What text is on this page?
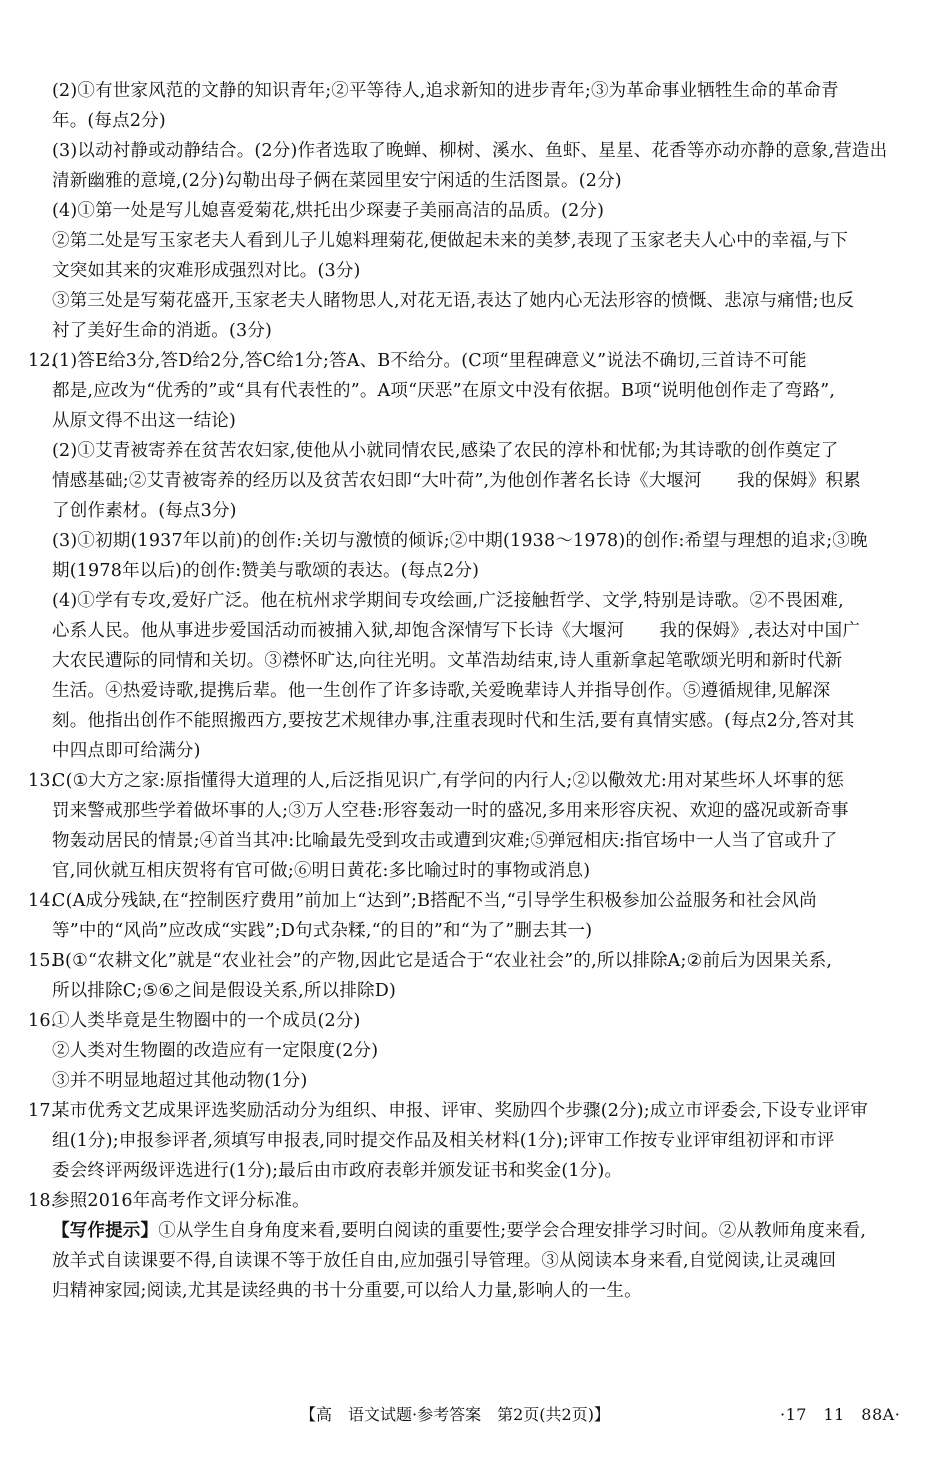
(2)①有世家风范的文静的知识青年;②平等待人,追求新知的进步青年;③为革命事业牺牲生命的革命青
年。(每点2分)
(3)以动衬静或动静结合。(2分)作者选取了晚蝉、柳树、溪水、鱼虾、星星、花香等亦动亦静的意象,营造出
清新幽雅的意境,(2分)勾勒出母子俩在菜园里安宁闲适的生活图景。(2分)
(4)①第一处是写儿媳喜爱菊花,烘托出少琛妻子美丽高洁的品质。(2分)
②第二处是写玉家老夫人看到儿子儿媳料理菊花,便做起未来的美梦,表现了玉家老夫人心中的幸福,与下
文突如其来的灾难形成强烈对比。(3分)
③第三处是写菊花盛开,玉家老夫人睹物思人,对花无语,表达了她内心无法形容的愤慨、悲凉与痛惜;也反
衬了美好生命的消逝。(3分)
12.
(1)答E给3分,答D给2分,答C给1分;答A、B不给分。(C项“里程碑意义”说法不确切,三首诗不可能
都是,应改为“优秀的”或“具有代表性的”。A项“厌恶”在原文中没有依据。B项“说明他创作走了弯路”,
从原文得不出这一结论)
(2)①艾青被寄养在贫苦农妇家,使他从小就同情农民,感染了农民的淳朴和忧郁;为其诗歌的创作奠定了
情感基础;②艾青被寄养的经历以及贫苦农妇即“大叶荷”,为他创作著名长诗《大堰河　　我的保姆》积累
了创作素材。(每点3分)
(3)①初期(1937年以前)的创作:关切与激愤的倾诉;②中期(1938～1978)的创作:希望与理想的追求;③晚
期(1978年以后)的创作:赞美与歌颂的表达。(每点2分)
(4)①学有专攻,爱好广泛。他在杭州求学期间专攻绘画,广泛接触哲学、文学,特别是诗歌。②不畏困难,
心系人民。他从事进步爱国活动而被捕入狱,却饱含深情写下长诗《大堰河　　我的保姆》,表达对中国广
大农民遭际的同情和关切。③襟怀旷达,向往光明。文革浩劫结束,诗人重新拿起笔歌颂光明和新时代新
生活。④热爱诗歌,提携后辈。他一生创作了许多诗歌,关爱晚辈诗人并指导创作。⑤遵循规律,见解深
刻。他指出创作不能照搬西方,要按艺术规律办事,注重表现时代和生活,要有真情实感。(每点2分,答对其
中四点即可给满分)
13.
C(①大方之家:原指懂得大道理的人,后泛指见识广,有学问的内行人;②以儆效尤:用对某些坏人坏事的惩
罚来警戒那些学着做坏事的人;③万人空巷:形容轰动一时的盛况,多用来形容庆祝、欢迎的盛况或新奇事
物轰动居民的情景;④首当其冲:比喻最先受到攻击或遭到灾难;⑤弹冠相庆:指官场中一人当了官或升了
官,同伙就互相庆贺将有官可做;⑥明日黄花:多比喻过时的事物或消息)
14.
C(A成分残缺,在“控制医疗费用”前加上“达到”;B搭配不当,“引导学生积极参加公益服务和社会风尚
等”中的“风尚”应改成“实践”;D句式杂糅,“的目的”和“为了”删去其一)
15.
B(①“农耕文化”就是“农业社会”的产物,因此它是适合于“农业社会”的,所以排除A;②前后为因果关系,
所以排除C;⑤⑥之间是假设关系,所以排除D)
16.
①人类毕竟是生物圈中的一个成员(2分)
②人类对生物圈的改造应有一定限度(2分)
③并不明显地超过其他动物(1分)
17.
某市优秀文艺成果评选奖励活动分为组织、申报、评审、奖励四个步骤(2分);成立市评委会,下设专业评审
组(1分);申报参评者,须填写申报表,同时提交作品及相关材料(1分);评审工作按专业评审组初评和市评
委会终评两级评选进行(1分);最后由市政府表彰并颁发证书和奖金(1分)。
18.
参照2016年高考作文评分标准。
【写作提示】①从学生自身角度来看,要明白阅读的重要性;要学会合理安排学习时间。②从教师角度来看,
放羊式自读课要不得,自读课不等于放任自由,应加强引导管理。③从阅读本身来看,自觉阅读,让灵魂回
归精神家园;阅读,尤其是读经典的书十分重要,可以给人力量,影响人的一生。
【高　语文试题·参考答案　第2页(共2页)】	·17　11　88A·
